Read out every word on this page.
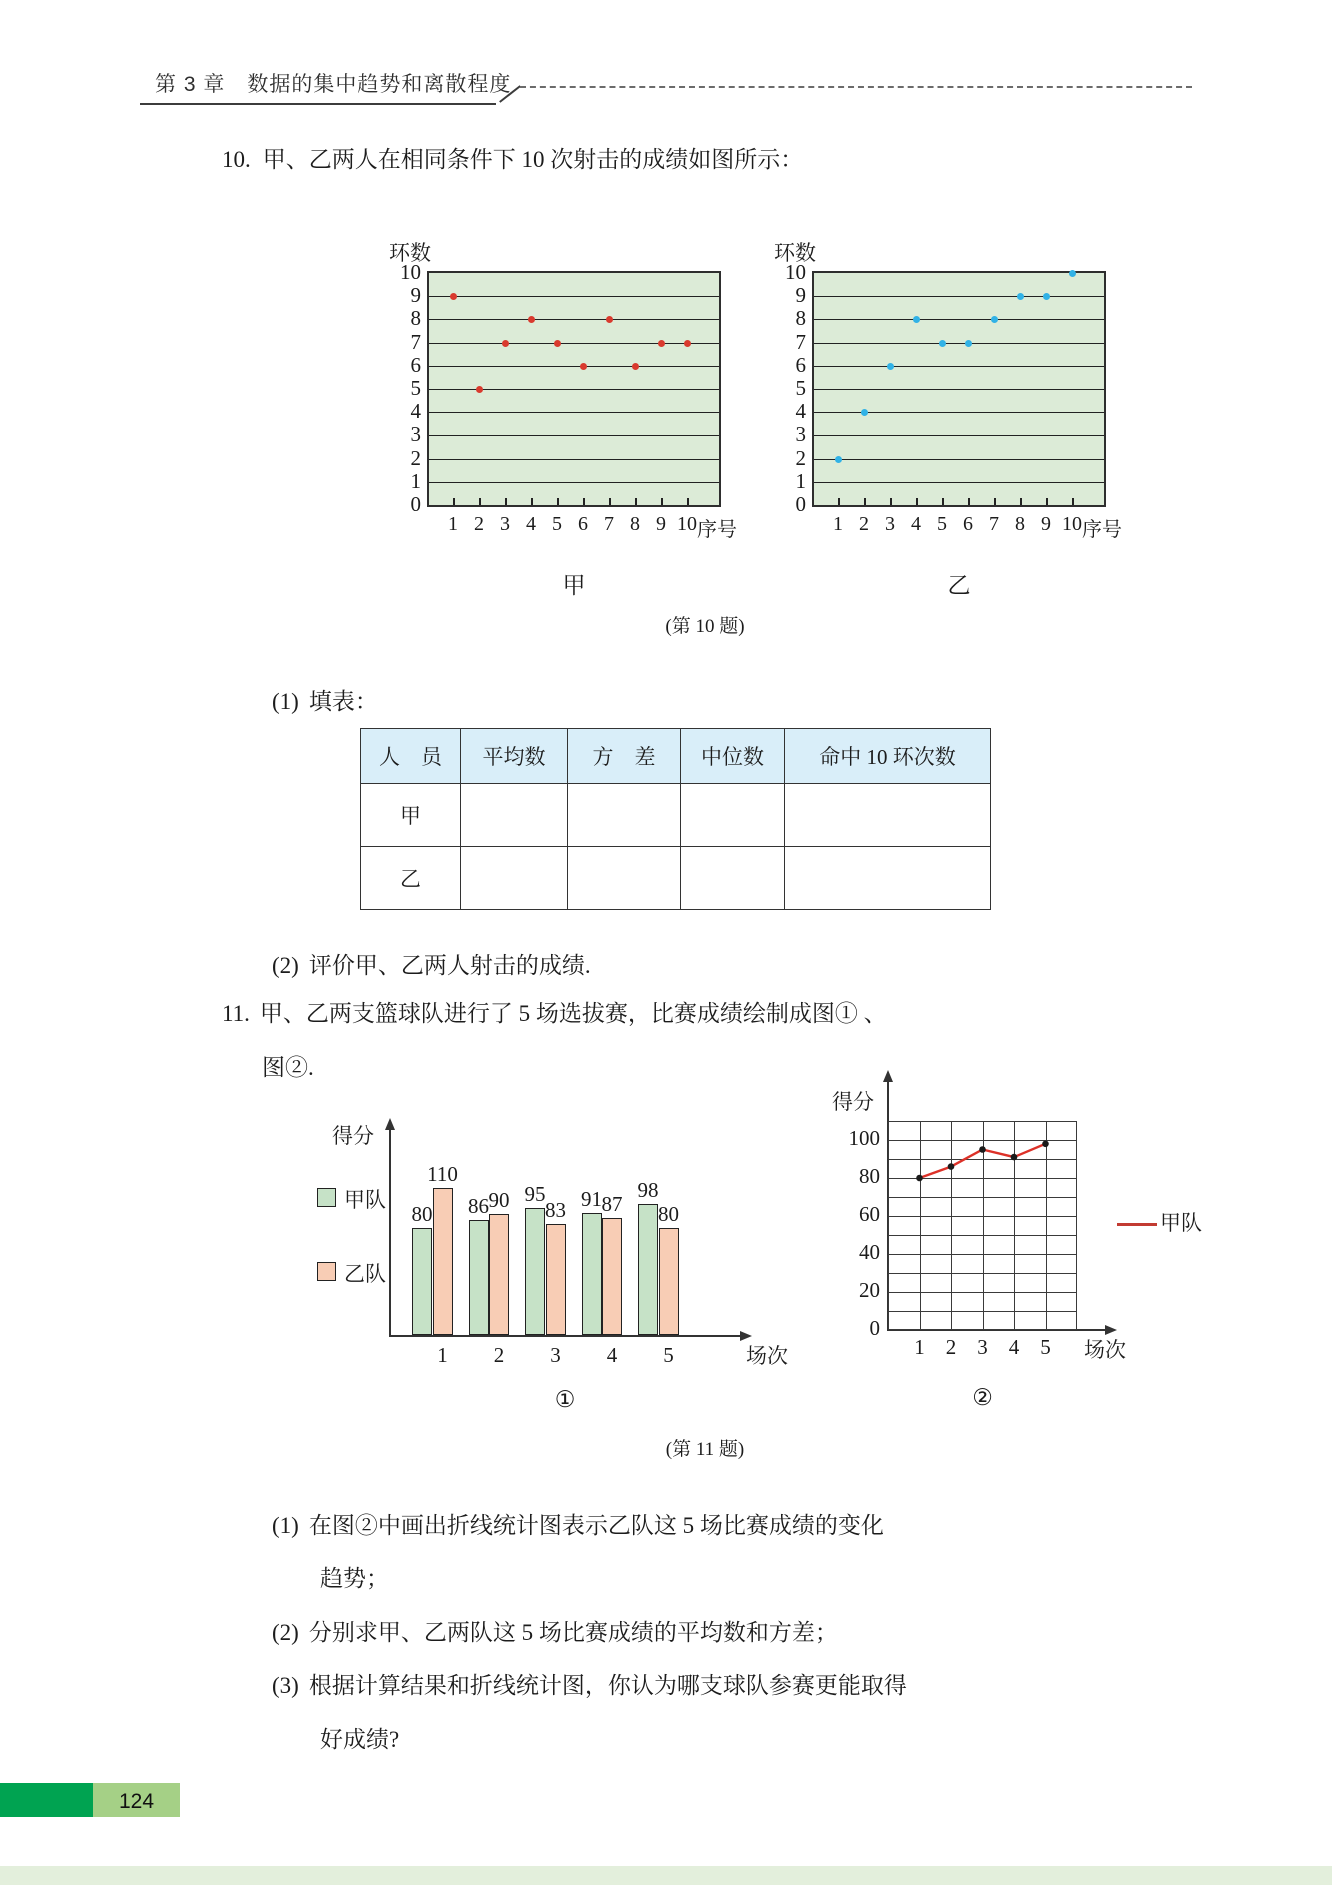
第 3 章　数据的集中趋势和离散程度
10. 甲、乙两人在相同条件下 10 次射击的成绩如图所示：
环数
序号
甲
0
1
2
3
4
5
6
7
8
9
10
1 2 3 4 5 6 7 8 9 10
环数
序号
乙
0
1
2
3
4
5
6
7
8
9
10
1 2 3 4 5 6 7 8 9 10
(第 10 题)
(1) 填表：
人　员	平均数	方　差	中位数	命中 10 环次数
甲				
乙				
(2) 评价甲、乙两人射击的成绩.
11. 甲、乙两支篮球队进行了 5 场选拔赛，比赛成绩绘制成图① 、
图②.
得分
场次
甲队
乙队
①
80
110
1
86 90
2
95
83
3
91 87
4
98
80
5
得分
场次
甲队
②
0
20
40
60
80
100
1	2	3	4	5
(第 11 题)
(1) 在图②中画出折线统计图表示乙队这 5 场比赛成绩的变化
趋势；
(2) 分别求甲、乙两队这 5 场比赛成绩的平均数和方差；
(3) 根据计算结果和折线统计图，你认为哪支球队参赛更能取得
好成绩?
124
